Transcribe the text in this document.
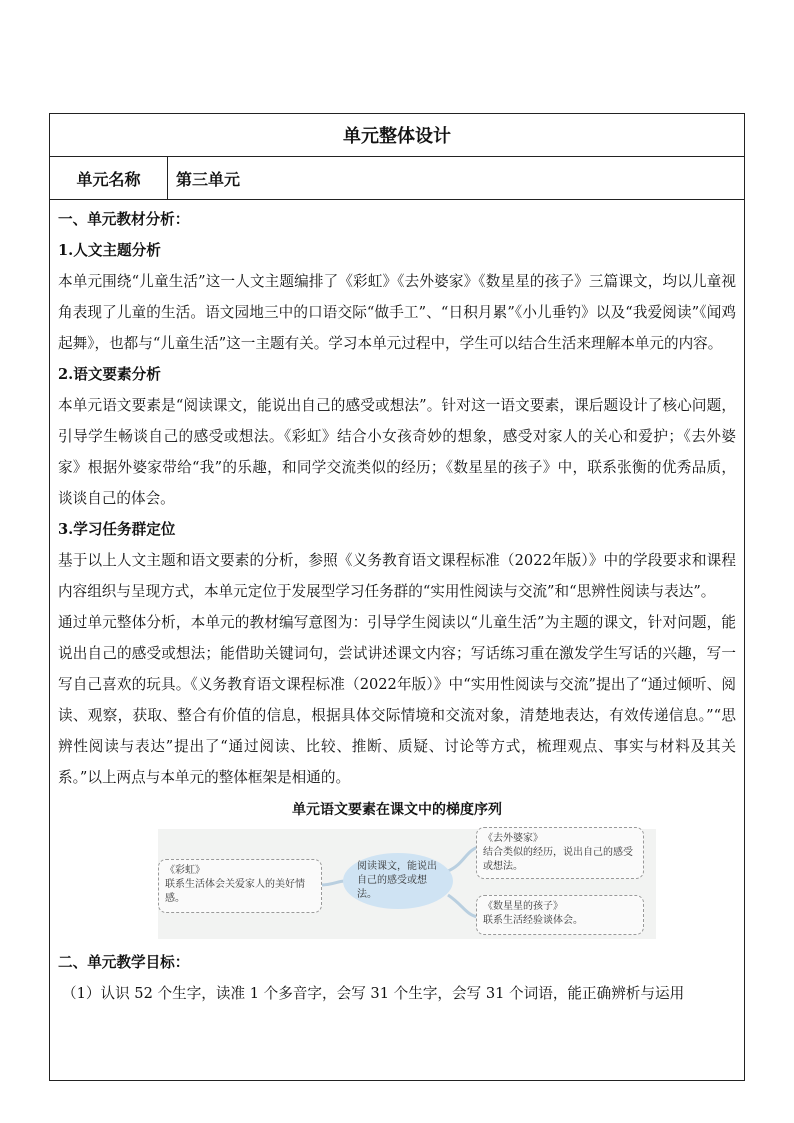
单元整体设计
单元名称	第三单元

一、单元教材分析：

1.人文主题分析

本单元围绕“儿童生活”这一人文主题编排了《彩虹》《去外婆家》《数星星的孩子》三篇课文，均以儿童视角表现了儿童的生活。语文园地三中的口语交际“做手工”、“日积月累”《小儿垂钓》以及“我爱阅读”《闻鸡起舞》，也都与“儿童生活”这一主题有关。学习本单元过程中，学生可以结合生活来理解本单元的内容。

2.语文要素分析

本单元语文要素是“阅读课文，能说出自己的感受或想法”。针对这一语文要素，课后题设计了核心问题，引导学生畅谈自己的感受或想法。《彩虹》结合小女孩奇妙的想象，感受对家人的关心和爱护；《去外婆家》根据外婆家带给“我”的乐趣，和同学交流类似的经历；《数星星的孩子》中，联系张衡的优秀品质，谈谈自己的体会。

3.学习任务群定位

基于以上人文主题和语文要素的分析，参照《义务教育语文课程标准（2022年版）》中的学段要求和课程内容组织与呈现方式，本单元定位于发展型学习任务群的“实用性阅读与交流”和“思辨性阅读与表达”。

通过单元整体分析，本单元的教材编写意图为：引导学生阅读以“儿童生活”为主题的课文，针对问题，能说出自己的感受或想法；能借助关键词句，尝试讲述课文内容；写话练习重在激发学生写话的兴趣，写一写自己喜欢的玩具。《义务教育语文课程标准（2022年版）》中“实用性阅读与交流”提出了“通过倾听、阅读、观察，获取、整合有价值的信息，根据具体交际情境和交流对象，清楚地表达，有效传递信息。”“思辨性阅读与表达”提出了“通过阅读、比较、推断、质疑、讨论等方式，梳理观点、事实与材料及其关系。”以上两点与本单元的整体框架是相通的。

单元语文要素在课文中的梯度序列
《彩虹》
联系生活体会关爱家人的美好情感。
阅读课文，能说出自己的感受或想法。
《去外婆家》
结合类似的经历，说出自己的感受或想法。
《数星星的孩子》
联系生活经验谈体会。

二、单元教学目标：

（1）认识 52 个生字，读准 1 个多音字，会写 31 个生字，会写 31 个词语，能正确辨析与运用
